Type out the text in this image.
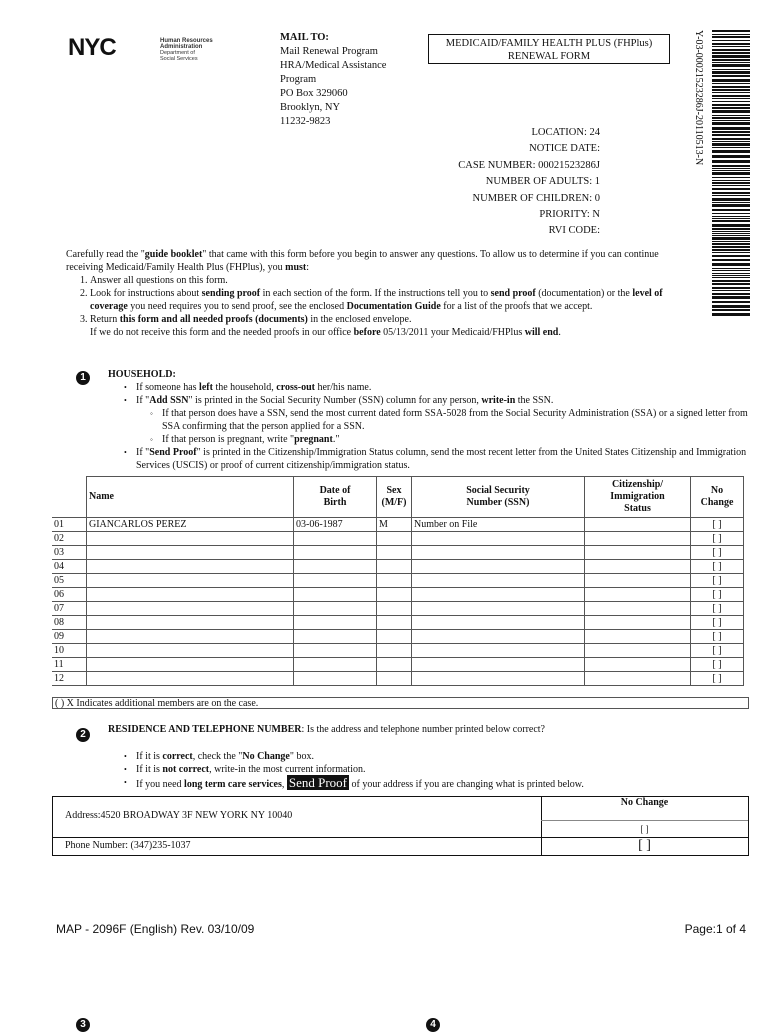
NYC	Human Resources
Administration
Department of
Social Services
MAIL TO:
Mail Renewal Program
HRA/Medical Assistance
Program
PO Box 329060
Brooklyn, NY
11232-9823
MEDICAID/FAMILY HEALTH PLUS (FHPlus)
RENEWAL FORM	Y-03-00021523286J-20110513-N
LOCATION: 24
NOTICE DATE:
CASE NUMBER: 00021523286J
NUMBER OF ADULTS: 1
NUMBER OF CHILDREN: 0
PRIORITY: N
RVI CODE:

Carefully read the "guide booklet" that came with this form before you begin to answer any questions. To allow us to determine if you can continue receiving Medicaid/Family Health Plus (FHPlus), you must:

1. Answer all questions on this form.
2. Look for instructions about sending proof in each section of the form. If the instructions tell you to send proof (documentation) or the level of coverage you need requires you to send proof, see the enclosed Documentation Guide for a list of the proofs that we accept.
3. Return this form and all needed proofs (documents) in the enclosed envelope.
If we do not receive this form and the needed proofs in our office before 05/13/2011 your Medicaid/FHPlus will end.
1	HOUSEHOLD:
• If someone has left the household, cross-out her/his name.
• If "Add SSN" is printed in the Social Security Number (SSN) column for any person, write-in the SSN.
◦ If that person does have a SSN, send the most current dated form SSA-5028 from the Social Security Administration (SSA) or a signed letter from SSA confirming that the person applied for a SSN.
◦ If that person is pregnant, write "pregnant."
• If "Send Proof" is printed in the Citizenship/Immigration Status column, send the most recent letter from the United States Citizenship and Immigration Services (USCIS) or proof of current citizenship/immigration status.
	Name	Date of
Birth	Sex
(M/F)	Social Security
Number (SSN)	Citizenship/
Immigration
Status	No
Change
01	GIANCARLOS PEREZ	03-06-1987	M	Number on File		[ ]
02						[ ]
03						[ ]
04						[ ]
05						[ ]
06						[ ]
07						[ ]
08						[ ]
09						[ ]
10						[ ]
11						[ ]
12						[ ]
( ) X Indicates additional members are on the case.
2	RESIDENCE AND TELEPHONE NUMBER: Is the address and telephone number printed below correct?
• If it is correct, check the "No Change" box.
• If it is not correct, write-in the most current information.
• If you need long term care services, Send Proof of your address if you are changing what is printed below.
No Change
Address:4520 BROADWAY 3F NEW YORK NY 10040
[ ]
Phone Number: (347)235-1037	[ ]
MAP - 2096F (English) Rev. 03/10/09	Page:1 of 4
3	4
